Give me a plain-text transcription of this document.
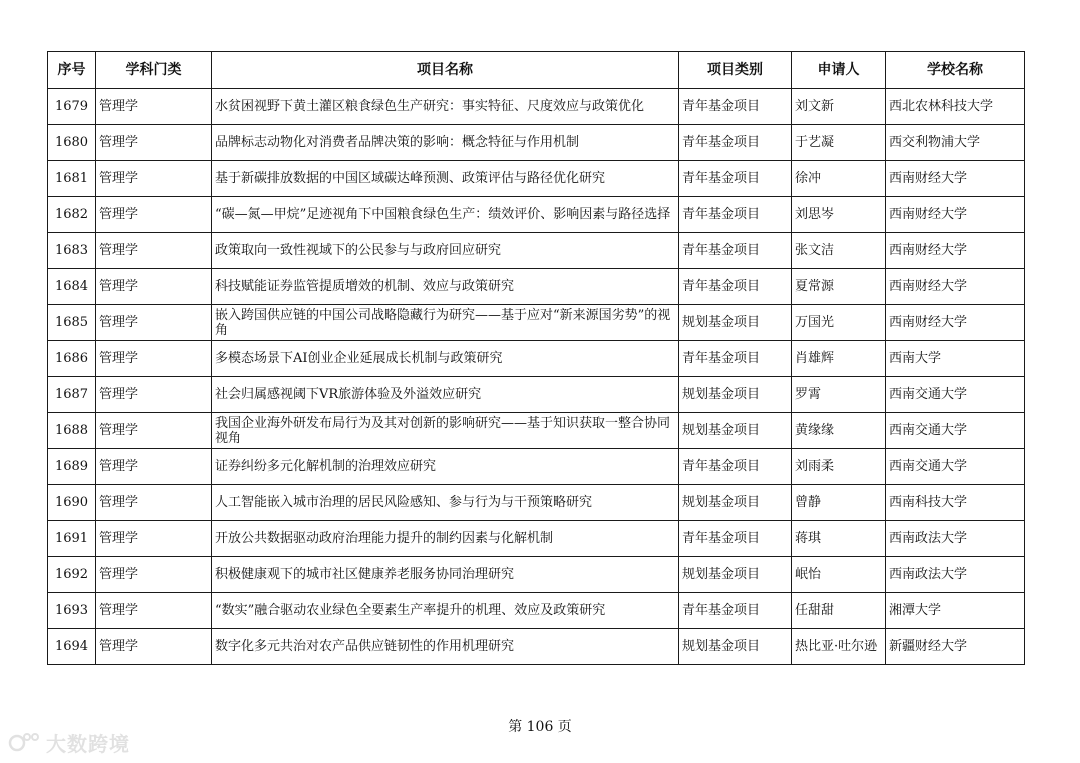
序号	学科门类	项目名称	项目类别	申请人	学校名称
1679	管理学	水贫困视野下黄土灌区粮食绿色生产研究：事实特征、尺度效应与政策优化	青年基金项目	刘文新	西北农林科技大学
1680	管理学	品牌标志动物化对消费者品牌决策的影响：概念特征与作用机制	青年基金项目	于艺凝	西交利物浦大学
1681	管理学	基于新碳排放数据的中国区域碳达峰预测、政策评估与路径优化研究	青年基金项目	徐冲	西南财经大学
1682	管理学	“碳—氮—甲烷”足迹视角下中国粮食绿色生产：绩效评价、影响因素与路径选择	青年基金项目	刘思岑	西南财经大学
1683	管理学	政策取向一致性视域下的公民参与与政府回应研究	青年基金项目	张文洁	西南财经大学
1684	管理学	科技赋能证券监管提质增效的机制、效应与政策研究	青年基金项目	夏常源	西南财经大学
1685	管理学	嵌入跨国供应链的中国公司战略隐藏行为研究——基于应对“新来源国劣势”的视角	规划基金项目	万国光	西南财经大学
1686	管理学	多模态场景下AI创业企业延展成长机制与政策研究	青年基金项目	肖雄辉	西南大学
1687	管理学	社会归属感视阈下VR旅游体验及外溢效应研究	规划基金项目	罗霄	西南交通大学
1688	管理学	我国企业海外研发布局行为及其对创新的影响研究——基于知识获取一整合协同视角	规划基金项目	黄缘缘	西南交通大学
1689	管理学	证券纠纷多元化解机制的治理效应研究	青年基金项目	刘雨柔	西南交通大学
1690	管理学	人工智能嵌入城市治理的居民风险感知、参与行为与干预策略研究	规划基金项目	曾静	西南科技大学
1691	管理学	开放公共数据驱动政府治理能力提升的制约因素与化解机制	青年基金项目	蒋琪	西南政法大学
1692	管理学	积极健康观下的城市社区健康养老服务协同治理研究	规划基金项目	岷怡	西南政法大学
1693	管理学	“数实”融合驱动农业绿色全要素生产率提升的机理、效应及政策研究	青年基金项目	任甜甜	湘潭大学
1694	管理学	数字化多元共治对农产品供应链韧性的作用机理研究	规划基金项目	热比亚·吐尔逊	新疆财经大学
第 106 页
大数跨境
